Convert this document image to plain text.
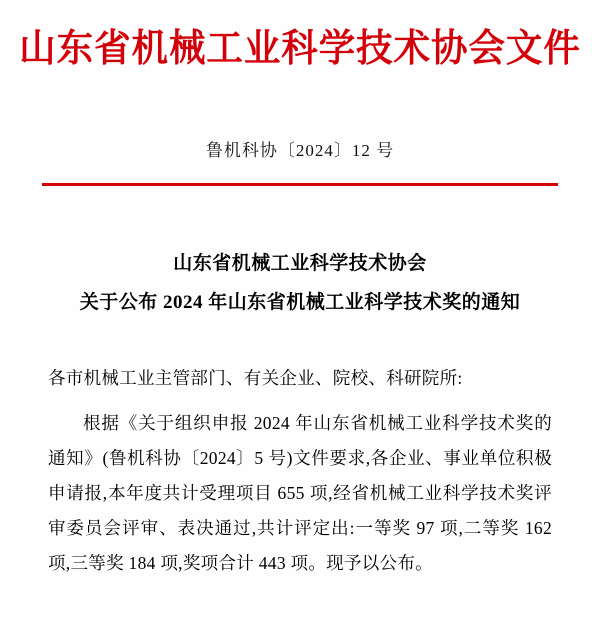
山东省机械工业科学技术协会文件
鲁机科协〔2024〕12 号
山东省机械工业科学技术协会
关于公布 2024 年山东省机械工业科学技术奖的通知
各市机械工业主管部门、有关企业、院校、科研院所:

根据《关于组织申报 2024 年山东省机械工业科学技术奖的通知》(鲁机科协〔2024〕5 号)文件要求,各企业、事业单位积极申请报,本年度共计受理项目 655 项,经省机械工业科学技术奖评审委员会评审、表决通过,共计评定出:一等奖 97 项,二等奖 162 项,三等奖 184 项,奖项合计 443 项。现予以公布。
